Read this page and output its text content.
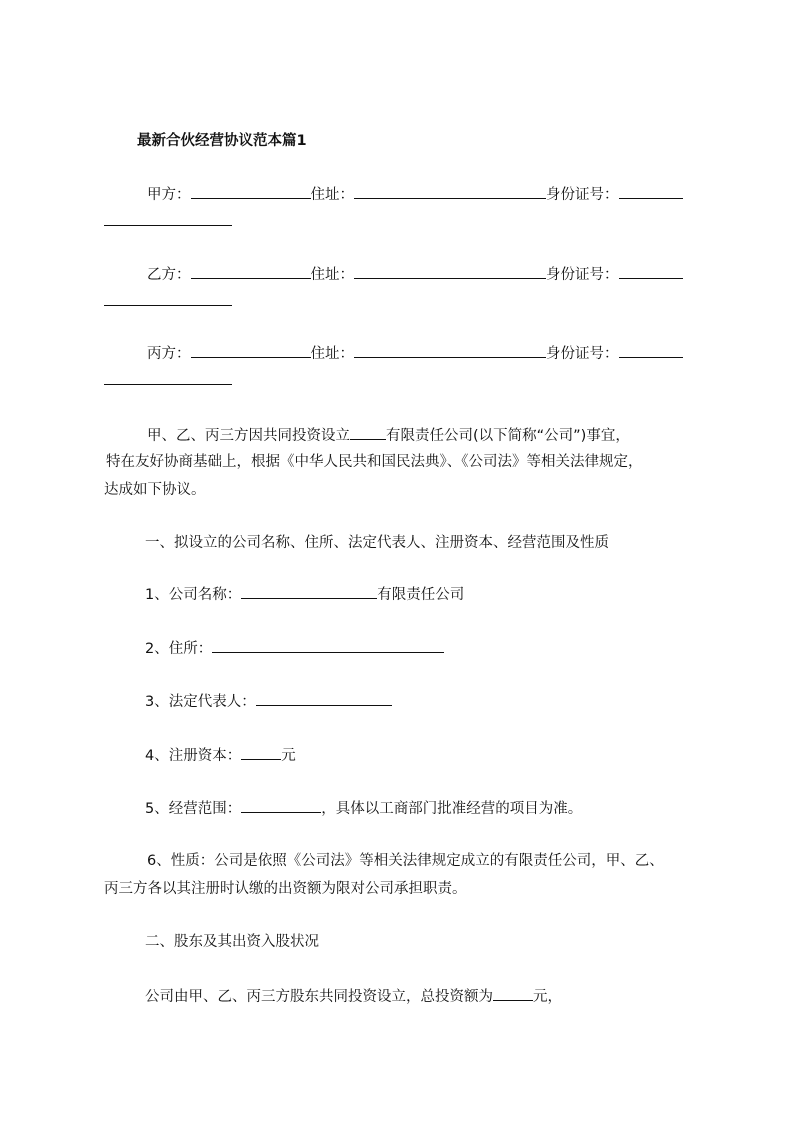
最新合伙经营协议范本篇1
甲方：	住址：	身份证号：
乙方：	住址：	身份证号：
丙方：	住址：	身份证号：
甲、乙、丙三方因共同投资设立 有限责任公司(以下简称“公司”)事宜，
特在友好协商基础上，根据《中华人民共和国民法典》、《公司法》等相关法律规定，
达成如下协议。
一、拟设立的公司名称、住所、法定代表人、注册资本、经营范围及性质
1、公司名称：	有限责任公司
2、住所：
3、法定代表人：
4、注册资本：	元
5、经营范围：	，具体以工商部门批准经营的项目为准。
6、性质：公司是依照《公司法》等相关法律规定成立的有限责任公司，甲、乙、
丙三方各以其注册时认缴的出资额为限对公司承担职责。
二、股东及其出资入股状况
公司由甲、乙、丙三方股东共同投资设立，总投资额为	元，
